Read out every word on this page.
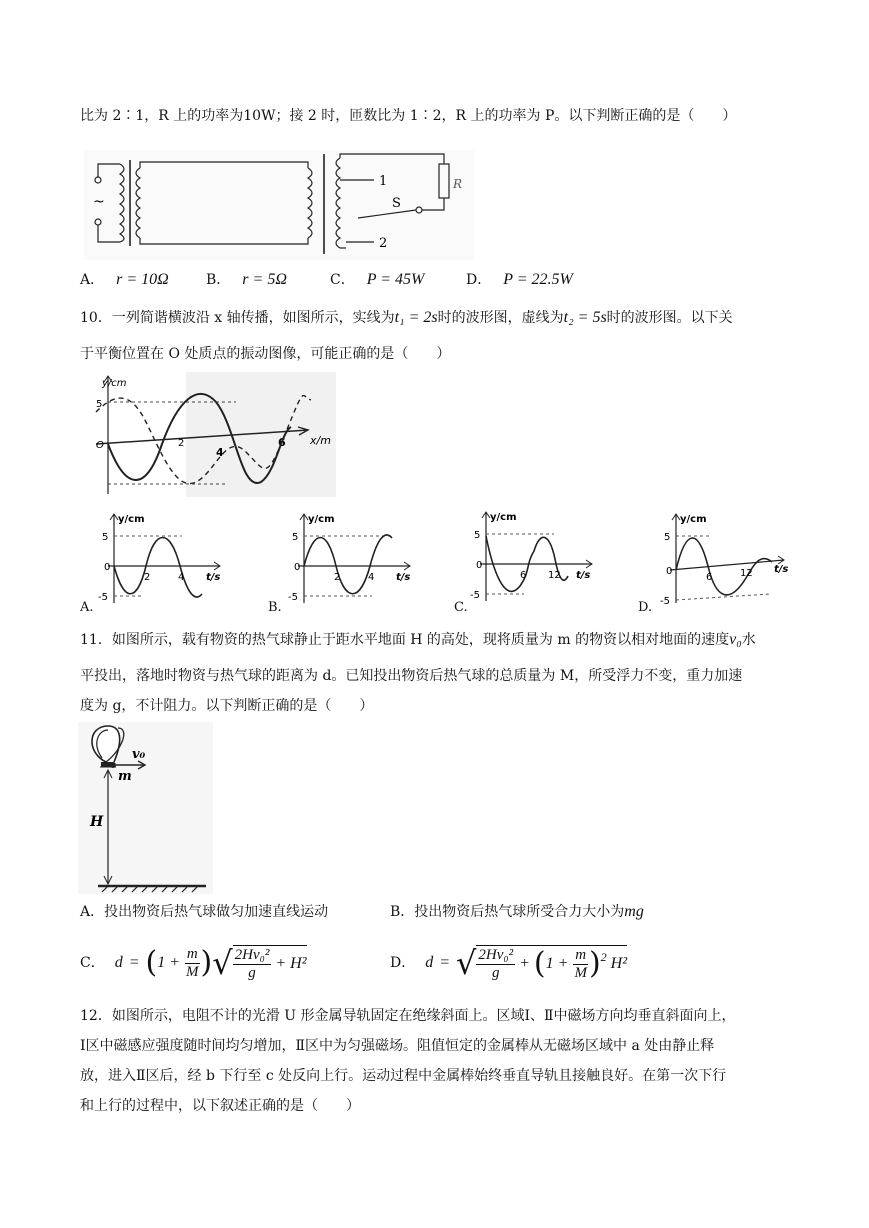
比为 2∶1，R 上的功率为10W；接 2 时，匝数比为 1∶2，R 上的功率为 P。以下判断正确的是（　　）
~
R
S
1
2
A． r = 10Ω	B． r = 5Ω	C． P = 45W	D． P = 22.5W
10．一列简谐横波沿 x 轴传播，如图所示，实线为t₁ = 2s时的波形图，虚线为t₂ = 5s时的波形图。以下关
于平衡位置在 O 处质点的振动图像，可能正确的是（　　）
y/cm
5
O	x/m
2
4
6
A.
y/cm
5
0
-5
2	4 t/s
B.
y/cm
5
0
-5
2	4 t/s
C.
y/cm
5
0
-5
6 12 t/s
D.
y/cm
5
0
-5
6	12 t/s
11．如图所示，载有物资的热气球静止于距水平地面 H 的高处，现将质量为 m 的物资以相对地面的速度v₀水
平投出，落地时物资与热气球的距离为 d。已知投出物资后热气球的总质量为 M，所受浮力不变，重力加速
度为 g，不计阻力。以下判断正确的是（　　）
v₀
m
H
A．投出物资后热气球做匀加速直线运动	B．投出物资后热气球所受合力大小为mg
C． d = ( $1 + \frac{m}{M}$ ) √ $\frac{\text{2Hv₀²}}{g} + H^2$	D． d = √ $\frac{\text{2Hv₀²}}{g}$ + ( $1 + \frac{m}{M}$ ) 2 H²
12．如图所示，电阻不计的光滑 U 形金属导轨固定在绝缘斜面上。区域Ⅰ、Ⅱ中磁场方向均垂直斜面向上，
Ⅰ区中磁感应强度随时间均匀增加，Ⅱ区中为匀强磁场。阻值恒定的金属棒从无磁场区域中 a 处由静止释
放，进入Ⅱ区后，经 b 下行至 c 处反向上行。运动过程中金属棒始终垂直导轨且接触良好。在第一次下行
和上行的过程中，以下叙述正确的是（　　）
